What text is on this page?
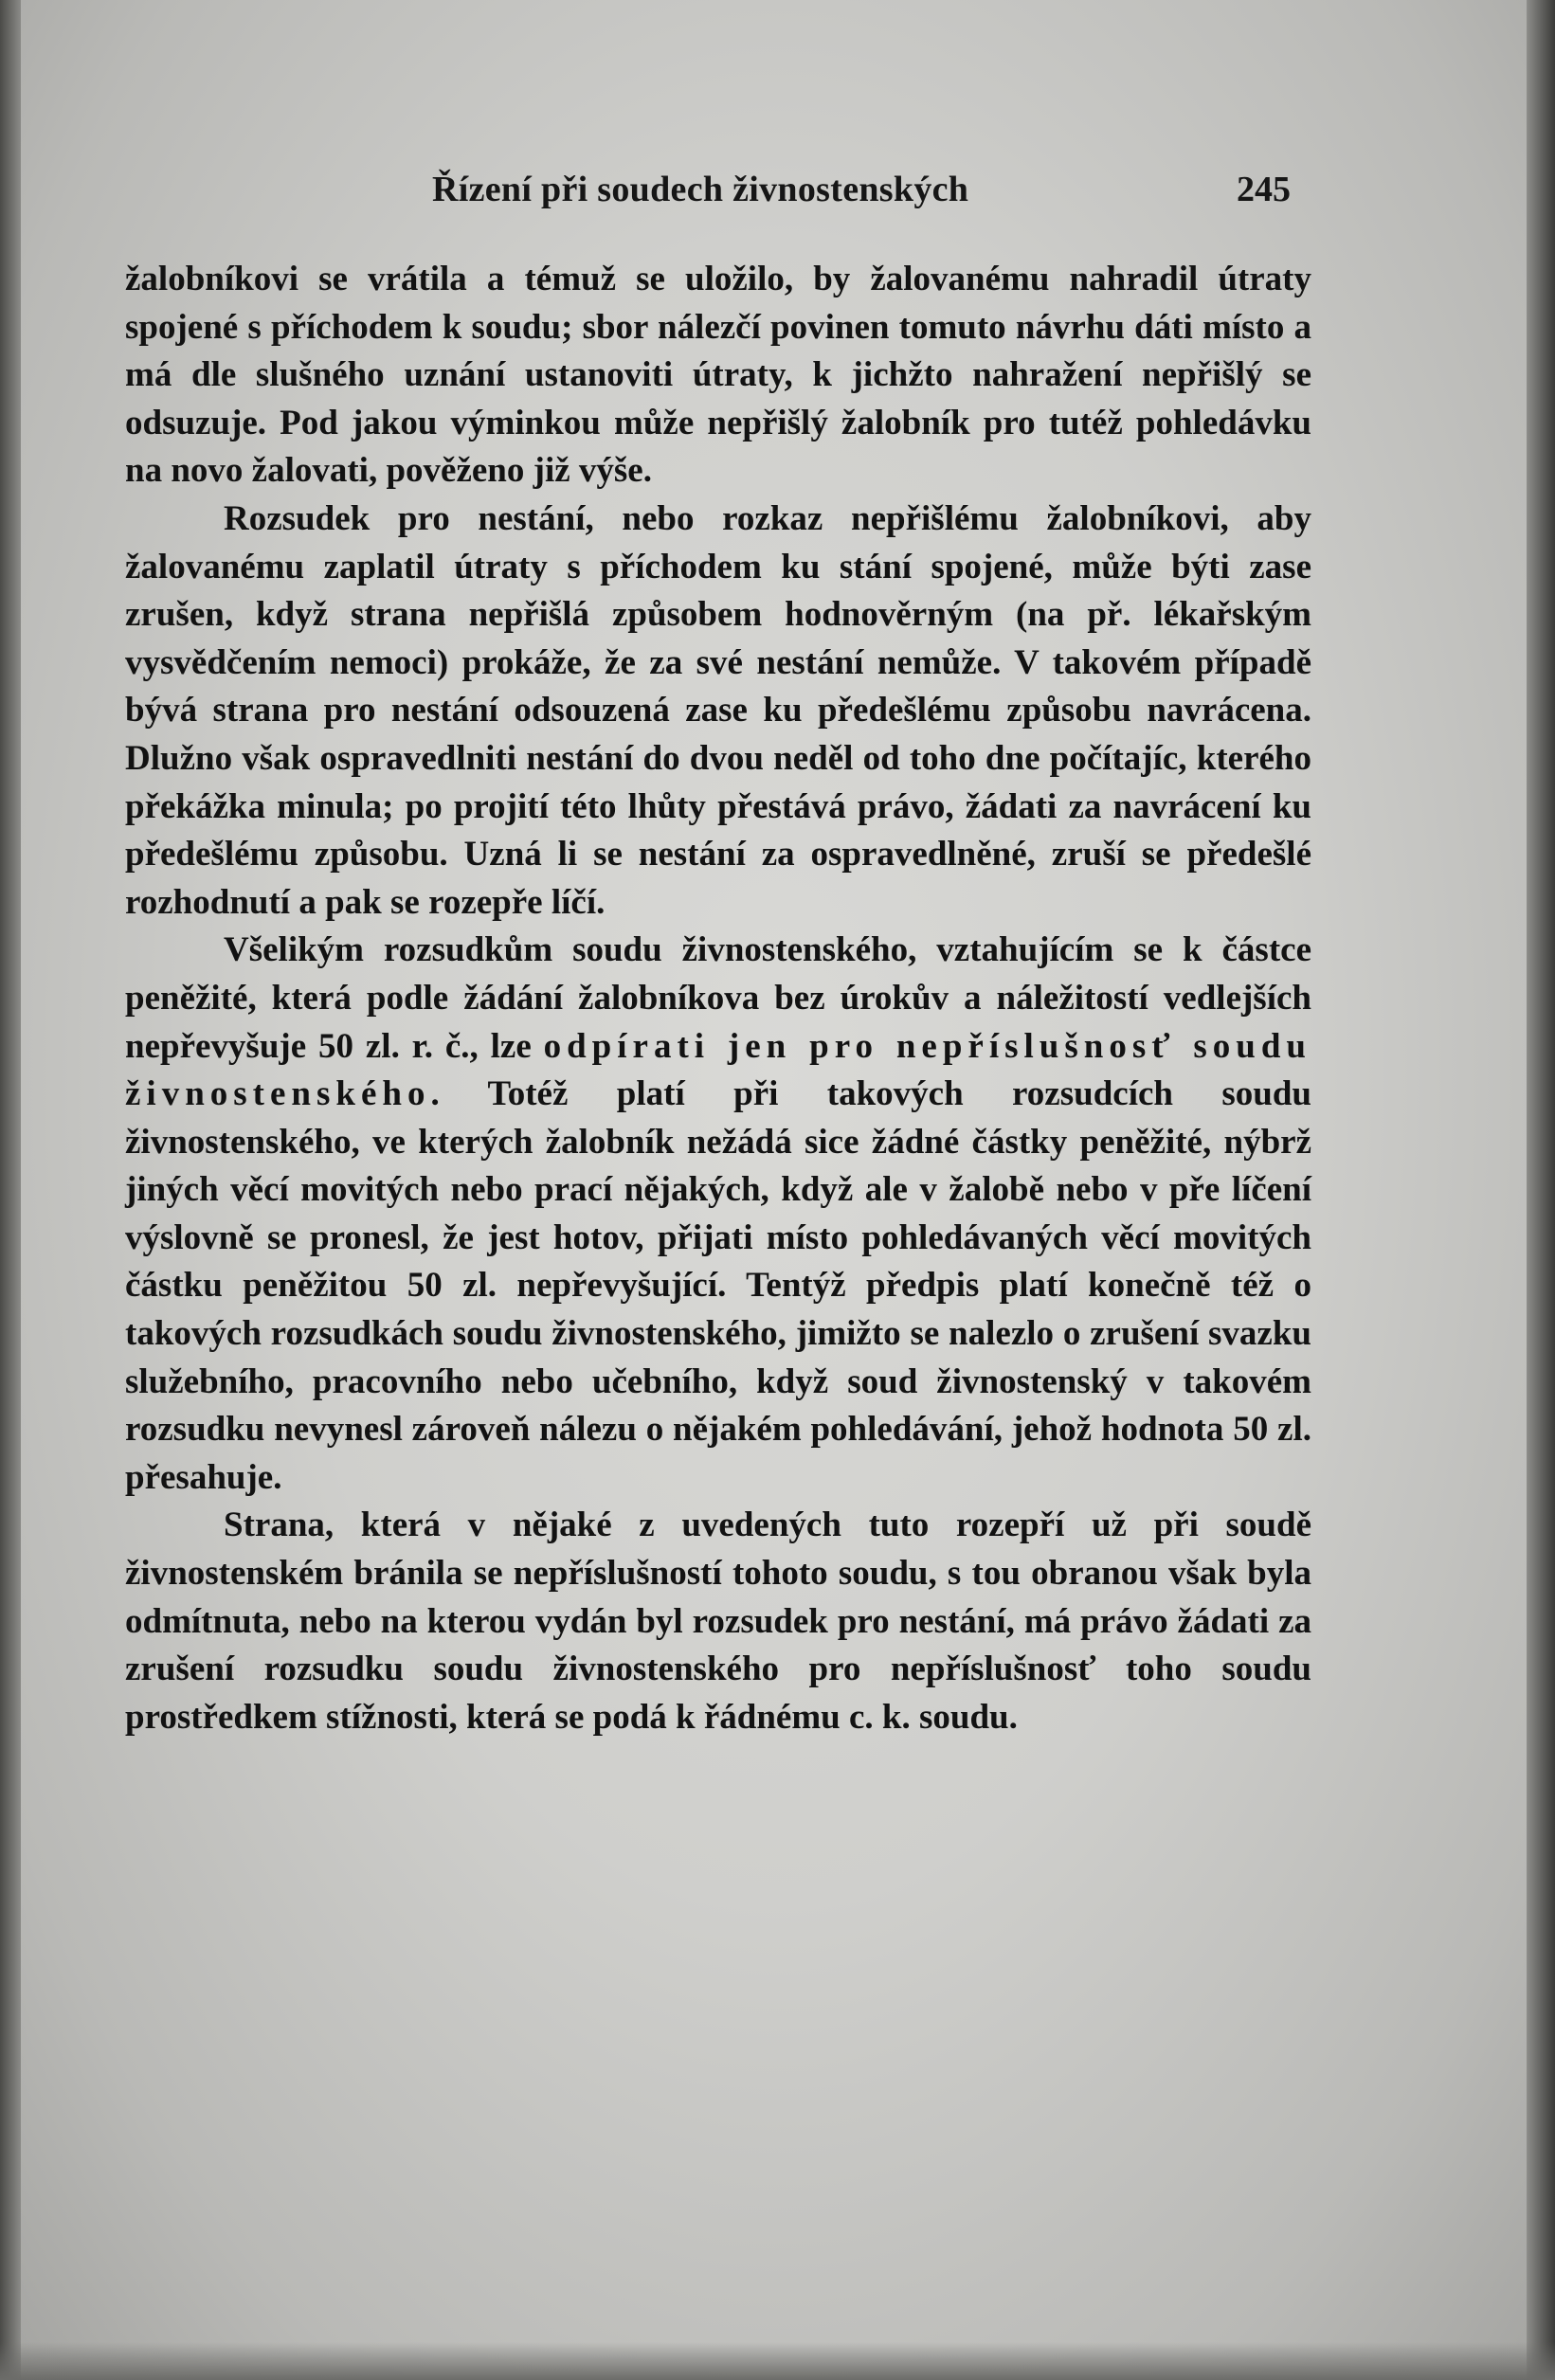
Řízení při soudech živnostenských	245

žalobníkovi se vrátila a témuž se uložilo, by žalovanému nahradil útraty spojené s příchodem k soudu; sbor nálezčí povinen tomuto návrhu dáti místo a má dle slušného uznání ustanoviti útraty, k jichžto nahražení nepřišlý se odsuzuje. Pod jakou výminkou může nepřišlý žalobník pro tutéž pohledávku na novo žalovati, pověženo již výše.

Rozsudek pro nestání, nebo rozkaz nepřišlému žalobníkovi, aby žalovanému zaplatil útraty s příchodem ku stání spojené, může býti zase zrušen, když strana nepřišlá způsobem hodnověrným (na př. lékařským vysvědčením nemoci) prokáže, že za své nestání nemůže. V takovém případě bývá strana pro nestání odsouzená zase ku předešlému způsobu navrácena. Dlužno však ospravedlniti nestání do dvou neděl od toho dne počítajíc, kterého překážka minula; po projití této lhůty přestává právo, žádati za navrácení ku předešlému způsobu. Uzná li se nestání za ospravedlněné, zruší se předešlé rozhodnutí a pak se rozepře líčí.

Všelikým rozsudkům soudu živnostenského, vztahujícím se k částce peněžité, která podle žádání žalobníkova bez úrokův a náležitostí vedlejších nepřevyšuje 50 zl. r. č., lze odpírati jen pro nepříslušnosť soudu živnostenského. Totéž platí při takových rozsudcích soudu živnostenského, ve kterých žalobník nežádá sice žádné částky peněžité, nýbrž jiných věcí movitých nebo prací nějakých, když ale v žalobě nebo v pře líčení výslovně se pronesl, že jest hotov, přijati místo pohledávaných věcí movitých částku peněžitou 50 zl. nepřevyšující. Tentýž předpis platí konečně též o takových rozsudkách soudu živnostenského, jimižto se nalezlo o zrušení svazku služebního, pracovního nebo učebního, když soud živnostenský v takovém rozsudku nevynesl zároveň nálezu o nějakém pohledávání, jehož hodnota 50 zl. přesahuje.

Strana, která v nějaké z uvedených tuto rozepří už při soudě živnostenském bránila se nepříslušností tohoto soudu, s tou obranou však byla odmítnuta, nebo na kterou vydán byl rozsudek pro nestání, má právo žádati za zrušení rozsudku soudu živnostenského pro nepříslušnosť toho soudu prostředkem stížnosti, která se podá k řádnému c. k. soudu.
